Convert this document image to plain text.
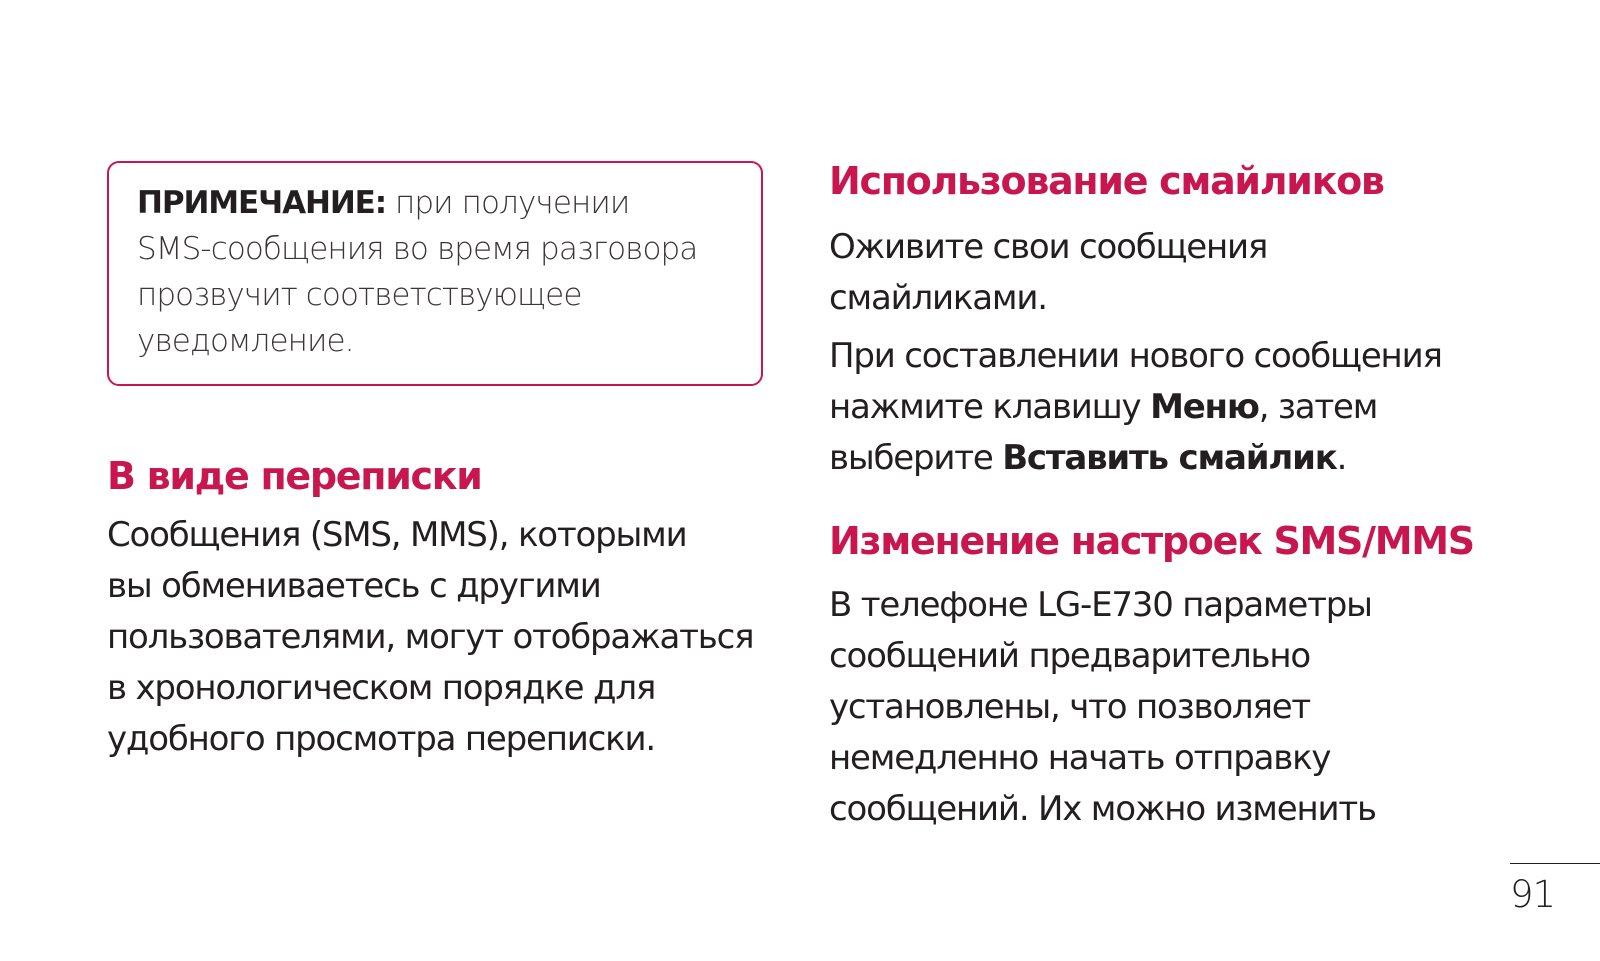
ПРИМЕЧАНИЕ: при получении
SMS-сообщения во время разговора
прозвучит соответствующее
уведомление.

В виде переписки

Сообщения (SMS, MMS), которыми
вы обмениваетесь с другими
пользователями, могут отображаться
в хронологическом порядке для
удобного просмотра переписки.

Использование смайликов

Оживите свои сообщения
смайликами.

При составлении нового сообщения
нажмите клавишу Меню, затем
выберите Вставить смайлик.

Изменение настроек SMS/MMS

В телефоне LG-E730 параметры
сообщений предварительно
установлены, что позволяет
немедленно начать отправку
сообщений. Их можно изменить

91
